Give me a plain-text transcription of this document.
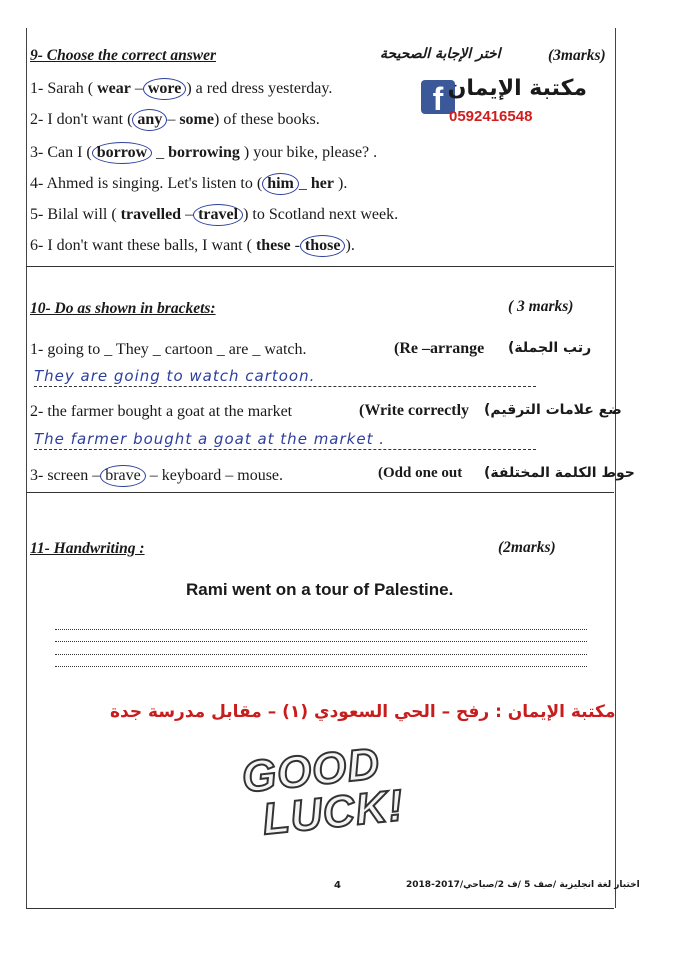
9- Choose the correct answer	اختر الإجابة الصحيحة	(3marks)
f مكتبة الإيمان
0592416548
1- Sarah ( wear – wore ) a red dress yesterday.
2- I don't want ( any – some) of these books.
3- Can I ( borrow _ borrowing ) your bike, please? .
4- Ahmed is singing. Let's listen to ( him _ her ).
5- Bilal will ( travelled – travel ) to Scotland next week.
6- I don't want these balls, I want ( these - those ).
10- Do as shown in brackets:	( 3 marks)
1- going to _ They _ cartoon _ are _ watch.	(Re –arrange رتب الجملة)
They are going to watch cartoon.
2- the farmer bought a goat at the market	(Write correctly ضع علامات الترقيم)
The farmer bought a goat at the market .
3- screen – brave – keyboard – mouse.	(Odd one out حوط الكلمة المختلفة)
11- Handwriting :	(2marks)
Rami went on a tour of Palestine.
مكتبة الإيمان : رفح – الحي السعودي (١) – مقابل مدرسة جدة
GOOD
LUCK!
4	اختبار لغة انجليزية /صف 5 /ف 2/صباحي/2017-2018
